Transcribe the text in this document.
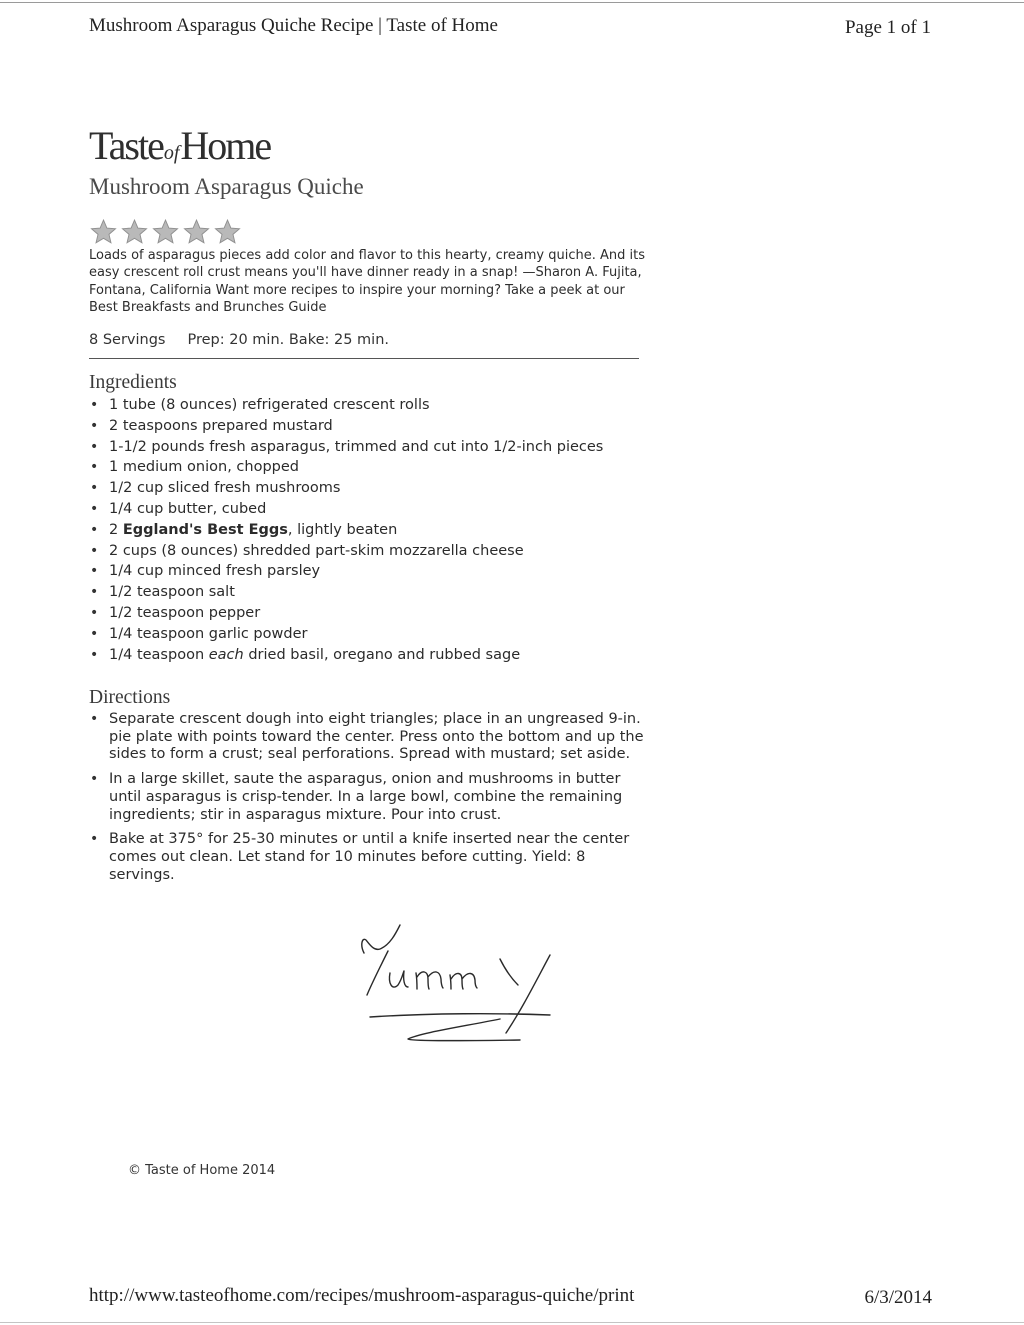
Mushroom Asparagus Quiche Recipe | Taste of Home	Page 1 of 1
TasteofHome
Mushroom Asparagus Quiche
Loads of asparagus pieces add color and flavor to this hearty, creamy quiche. And its easy crescent roll crust means you'll have dinner ready in a snap! —Sharon A. Fujita, Fontana, California Want more recipes to inspire your morning? Take a peek at our Best Breakfasts and Brunches Guide
8 Servings Prep: 20 min. Bake: 25 min.
Ingredients
• 1 tube (8 ounces) refrigerated crescent rolls
• 2 teaspoons prepared mustard
• 1-1/2 pounds fresh asparagus, trimmed and cut into 1/2-inch pieces
• 1 medium onion, chopped
• 1/2 cup sliced fresh mushrooms
• 1/4 cup butter, cubed
• 2 Eggland's Best Eggs, lightly beaten
• 2 cups (8 ounces) shredded part-skim mozzarella cheese
• 1/4 cup minced fresh parsley
• 1/2 teaspoon salt
• 1/2 teaspoon pepper
• 1/4 teaspoon garlic powder
• 1/4 teaspoon each dried basil, oregano and rubbed sage
Directions
• Separate crescent dough into eight triangles; place in an ungreased 9-in. pie plate with points toward the center. Press onto the bottom and up the sides to form a crust; seal perforations. Spread with mustard; set aside.
• In a large skillet, saute the asparagus, onion and mushrooms in butter until asparagus is crisp-tender. In a large bowl, combine the remaining ingredients; stir in asparagus mixture. Pour into crust.
• Bake at 375° for 25-30 minutes or until a knife inserted near the center comes out clean. Let stand for 10 minutes before cutting. Yield: 8 servings.
Yummy
© Taste of Home 2014
http://www.tasteofhome.com/recipes/mushroom-asparagus-quiche/print	6/3/2014
